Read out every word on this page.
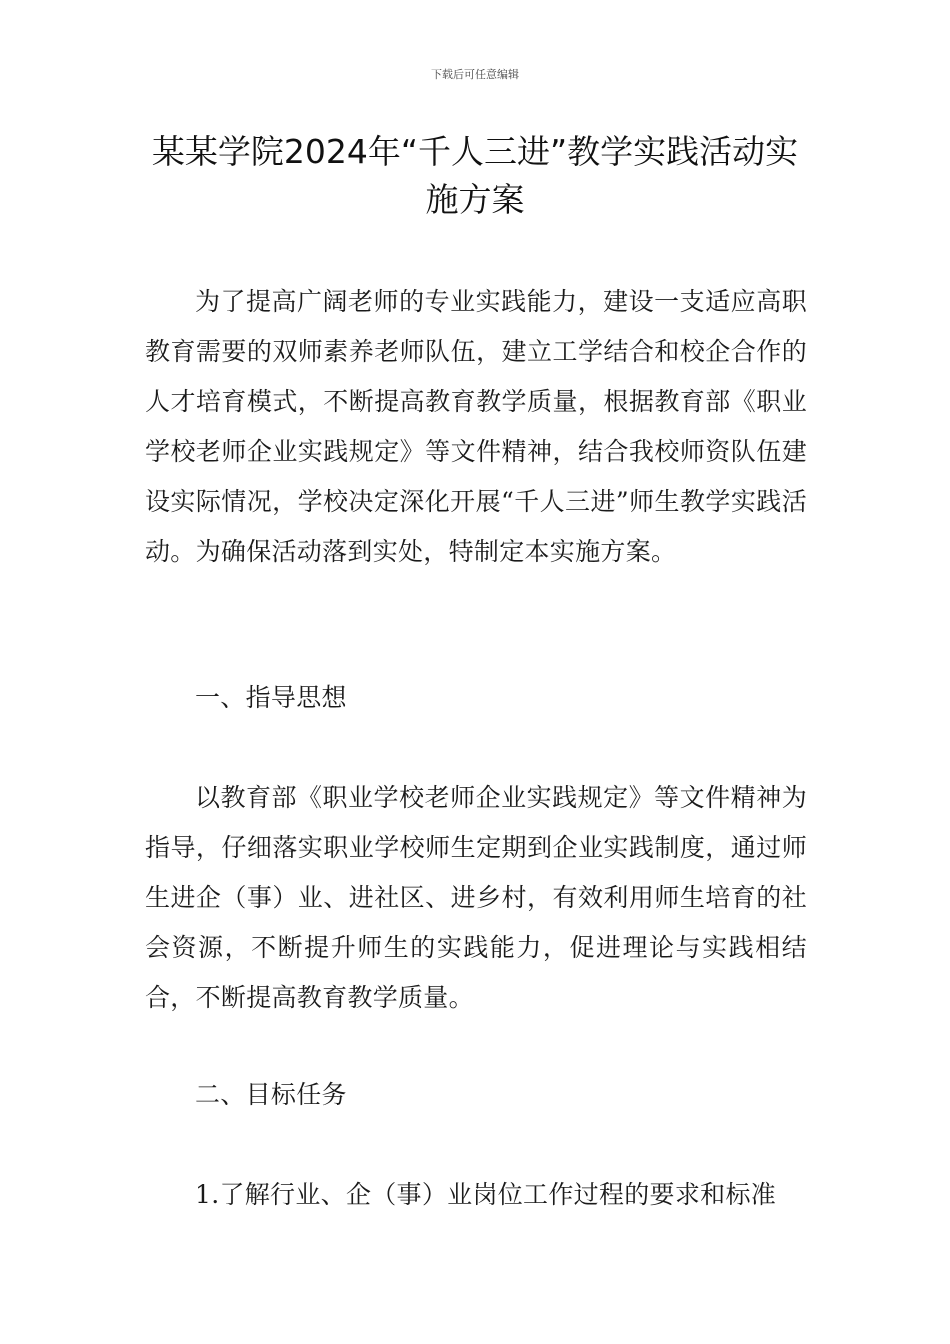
下载后可任意编辑
某某学院2024年“千人三进”教学实践活动实施方案

为了提高广阔老师的专业实践能力，建设一支适应高职教育需要的双师素养老师队伍，建立工学结合和校企合作的人才培育模式，不断提高教育教学质量，根据教育部《职业学校老师企业实践规定》等文件精神，结合我校师资队伍建设实际情况，学校决定深化开展“千人三进”师生教学实践活动。为确保活动落到实处，特制定本实施方案。

一、指导思想

以教育部《职业学校老师企业实践规定》等文件精神为指导，仔细落实职业学校师生定期到企业实践制度，通过师生进企（事）业、进社区、进乡村，有效利用师生培育的社会资源，不断提升师生的实践能力，促进理论与实践相结合，不断提高教育教学质量。

二、目标任务

1.了解行业、企（事）业岗位工作过程的要求和标准
